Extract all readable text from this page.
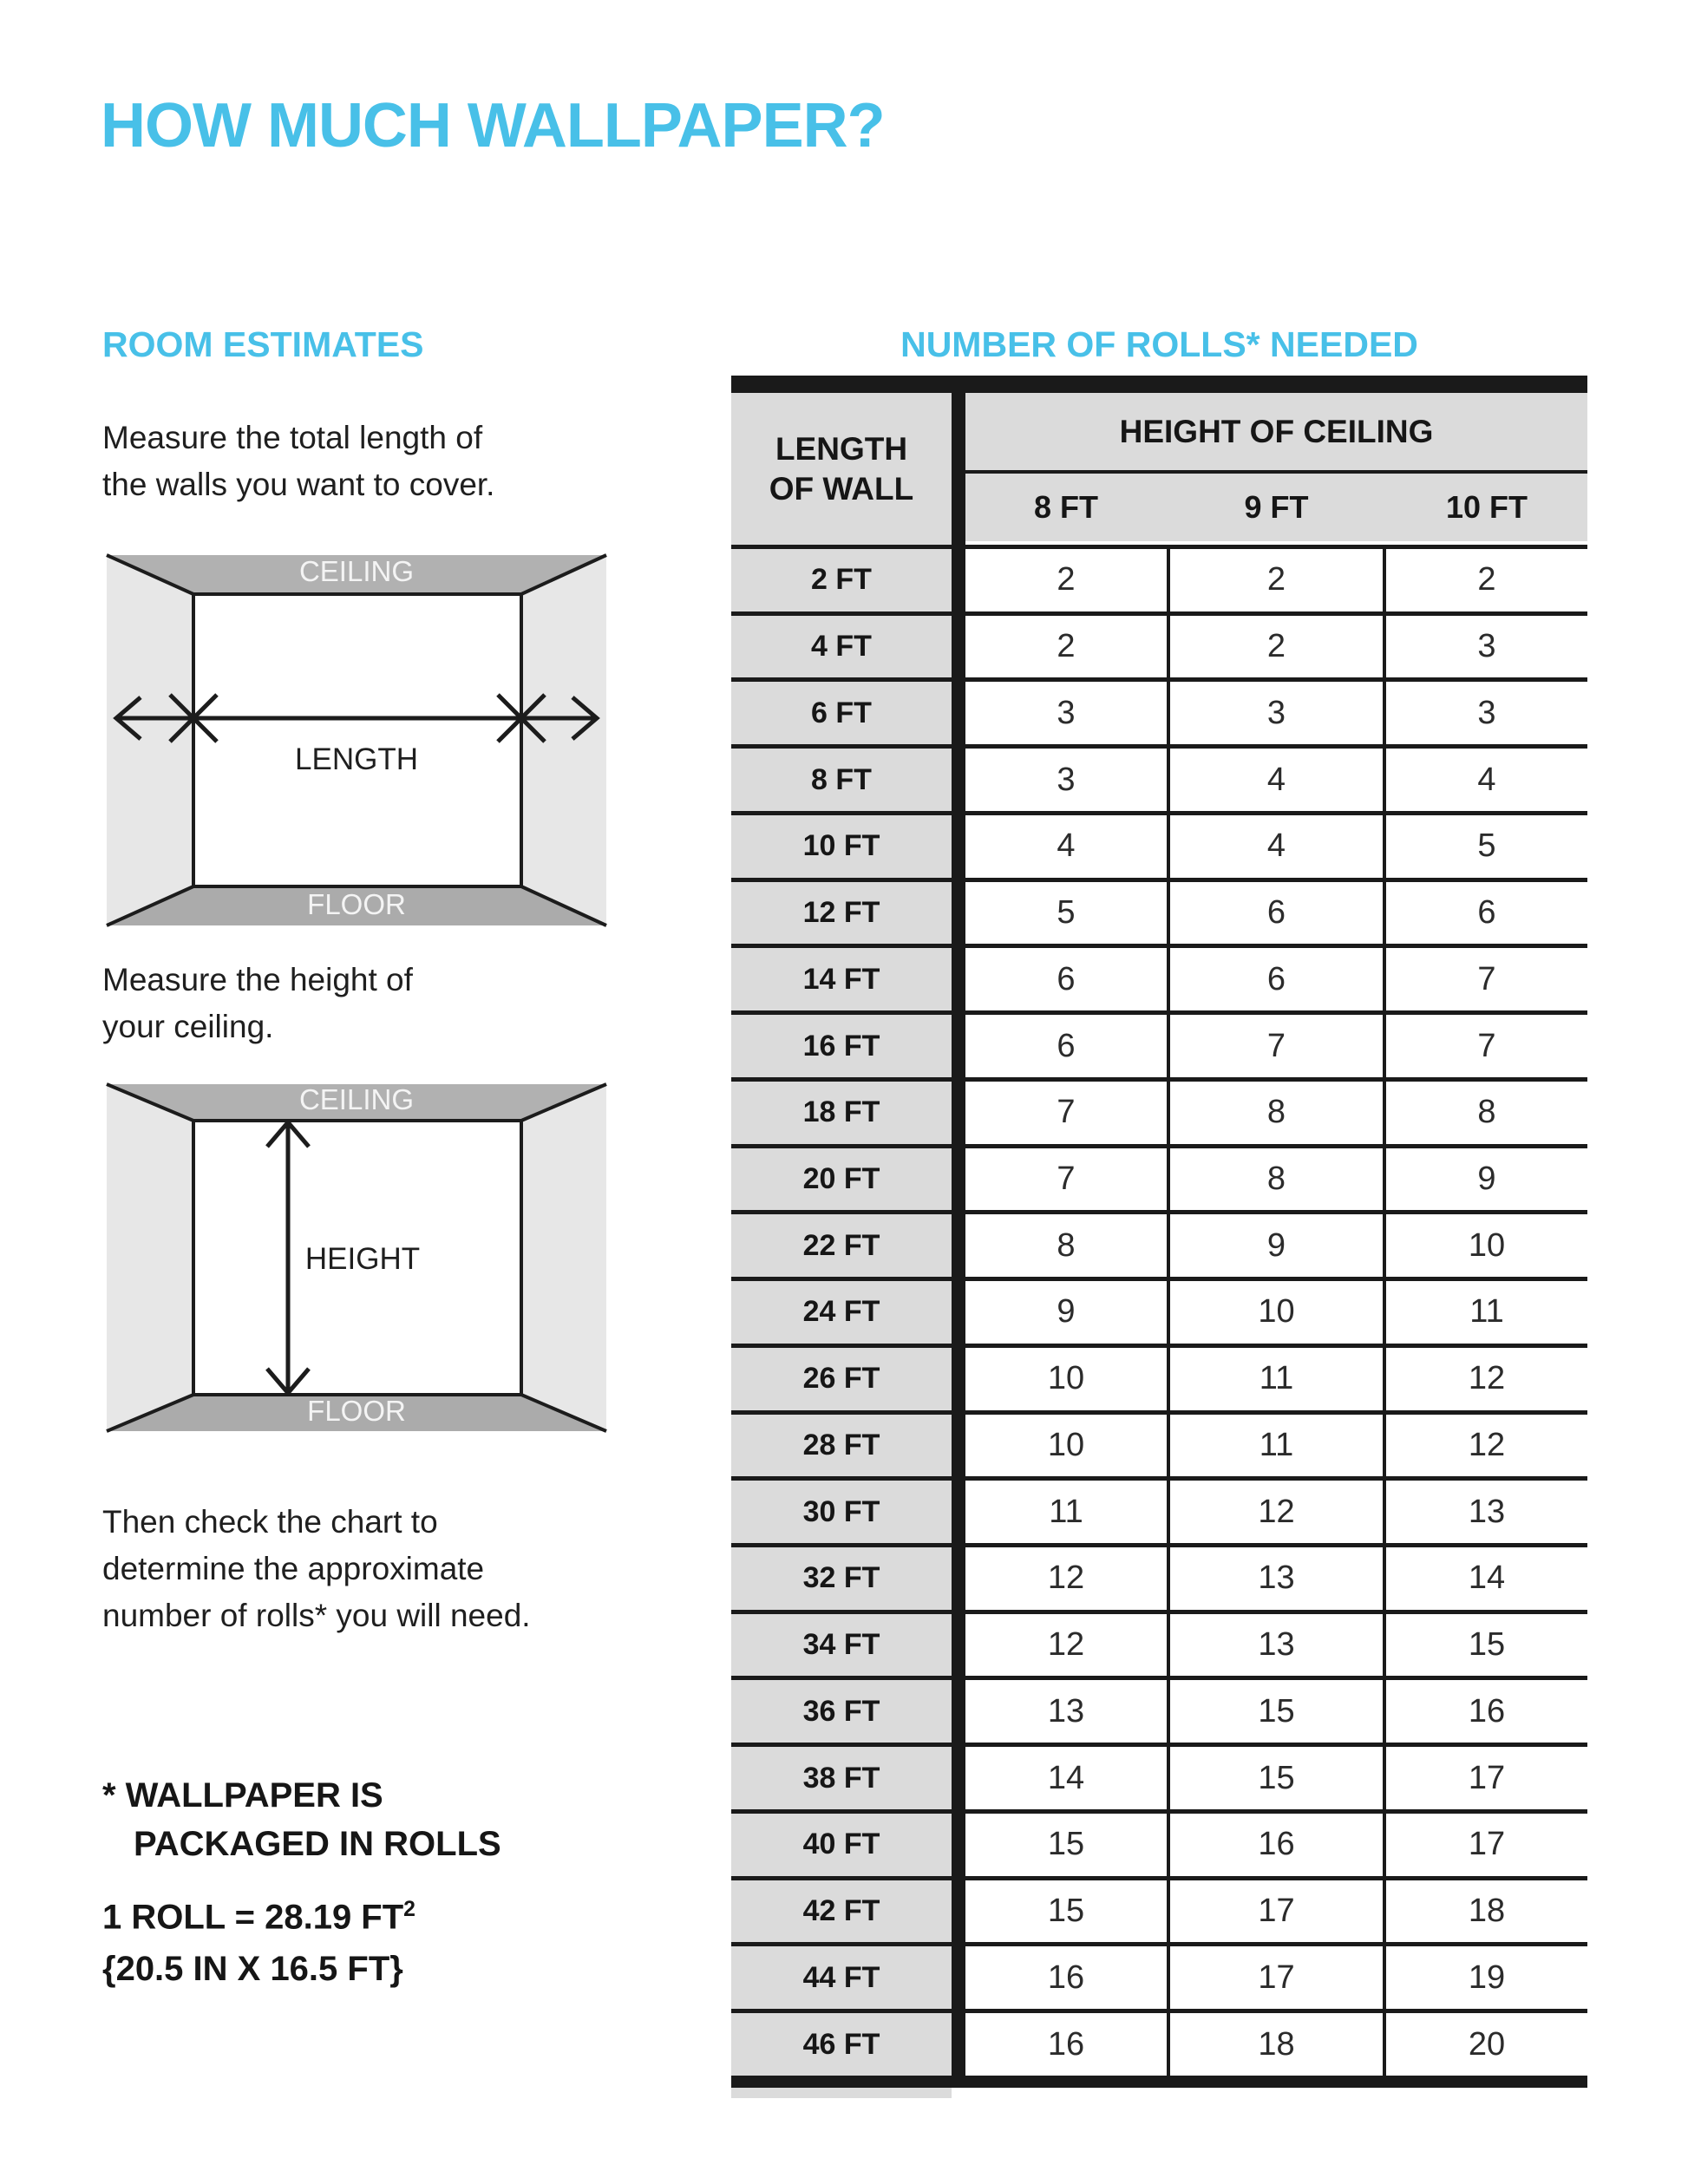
HOW MUCH WALLPAPER?
ROOM ESTIMATES
Measure the total length of
the walls you want to cover.
CEILING
FLOOR
LENGTH
Measure the height of
your ceiling.
CEILING
FLOOR
HEIGHT
Then check the chart to
determine the approximate
number of rolls* you will need.
* WALLPAPER IS
PACKAGED IN ROLLS
1 ROLL = 28.19 $FT^2$
{20.5 IN X 16.5 FT}
NUMBER OF ROLLS* NEEDED
LENGTH
OF WALL
HEIGHT OF CEILING
8 FT	9 FT	10 FT
2 FT	2	2	2
4 FT	2	2	3
6 FT	3	3	3
8 FT	3	4	4
10 FT	4	4	5
12 FT	5	6	6
14 FT	6	6	7
16 FT	6	7	7
18 FT	7	8	8
20 FT	7	8	9
22 FT	8	9	10
24 FT	9	10	11
26 FT	10	11	12
28 FT	10	11	12
30 FT	11	12	13
32 FT	12	13	14
34 FT	12	13	15
36 FT	13	15	16
38 FT	14	15	17
40 FT	15	16	17
42 FT	15	17	18
44 FT	16	17	19
46 FT	16	18	20
